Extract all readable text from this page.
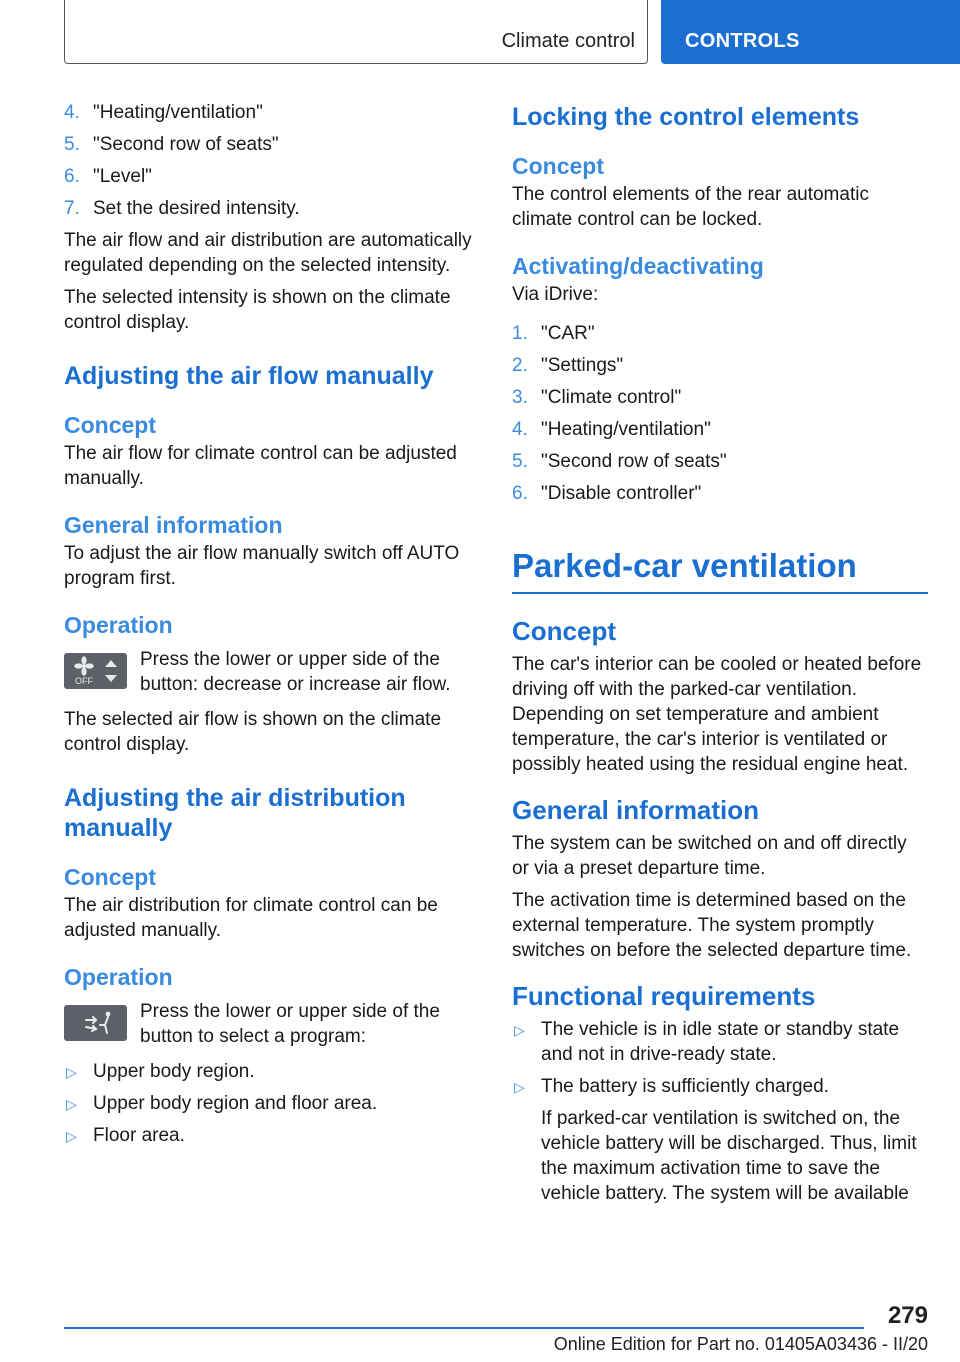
Climate control	CONTROLS
4. "Heating/ventilation"
5. "Second row of seats"
6. "Level"
7. Set the desired intensity.

The air flow and air distribution are automatically regulated depending on the selected intensity.

The selected intensity is shown on the climate control display.

Adjusting the air flow manually
Concept

The air flow for climate control can be adjusted manually.

General information

To adjust the air flow manually switch off AUTO program first.

Operation
OFF

Press the lower or upper side of the button: decrease or increase air flow.

The selected air flow is shown on the climate control display.

Adjusting the air distribution manually
Concept

The air distribution for climate control can be adjusted manually.

Operation

Press the lower or upper side of the button to select a program:

▷ Upper body region.
▷ Upper body region and floor area.
▷ Floor area.
Locking the control elements
Concept

The control elements of the rear automatic climate control can be locked.

Activating/deactivating

Via iDrive:

1. "CAR"
2. "Settings"
3. "Climate control"
4. "Heating/ventilation"
5. "Second row of seats"
6. "Disable controller"
Parked-car ventilation
Concept

The car's interior can be cooled or heated before driving off with the parked-car ventilation. Depending on set temperature and ambient temperature, the car's interior is ventilated or possibly heated using the residual engine heat.

General information

The system can be switched on and off directly or via a preset departure time.

The activation time is determined based on the external temperature. The system promptly switches on before the selected departure time.

Functional requirements
▷ The vehicle is in idle state or standby state and not in drive-ready state.
▷ The battery is sufficiently charged.
If parked-car ventilation is switched on, the vehicle battery will be discharged. Thus, limit the maximum activation time to save the vehicle battery. The system will be available
279
Online Edition for Part no. 01405A03436 - II/20
